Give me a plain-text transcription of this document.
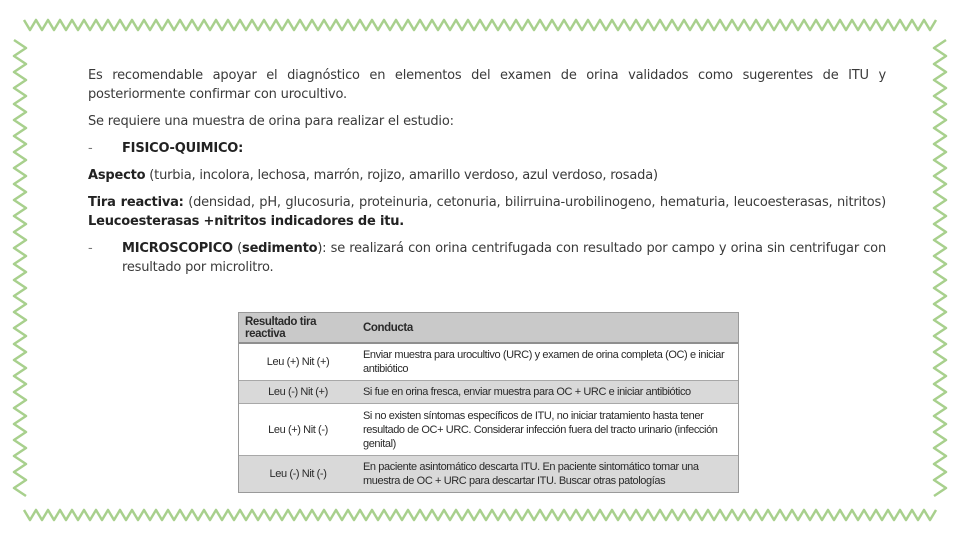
Es recomendable apoyar el diagnóstico en elementos del examen de orina validados como sugerentes de ITU y posteriormente confirmar con urocultivo.

Se requiere una muestra de orina para realizar el estudio:

- FISICO-QUIMICO:

Aspecto (turbia, incolora, lechosa, marrón, rojizo, amarillo verdoso, azul verdoso, rosada)

Tira reactiva: (densidad, pH, glucosuria, proteinuria, cetonuria, bilirruina-urobilinogeno, hematuria, leucoesterasas, nitritos) Leucoesterasas +nitritos indicadores de itu.

- MICROSCOPICO (sedimento): se realizará con orina centrifugada con resultado por campo y orina sin centrifugar con resultado por microlitro.
Resultado tira reactiva	Conducta
Leu (+) Nit (+)	Enviar muestra para urocultivo (URC) y examen de orina completa (OC) e iniciar antibiótico
Leu (-) Nit (+)	Si fue en orina fresca, enviar muestra para OC + URC e iniciar antibiótico
Leu (+) Nit (-)	Si no existen síntomas específicos de ITU, no iniciar tratamiento hasta tener resultado de OC+ URC. Considerar infección fuera del tracto urinario (infección genital)
Leu (-) Nit (-)	En paciente asintomático descarta ITU. En paciente sintomático tomar una muestra de OC + URC para descartar ITU. Buscar otras patologías
